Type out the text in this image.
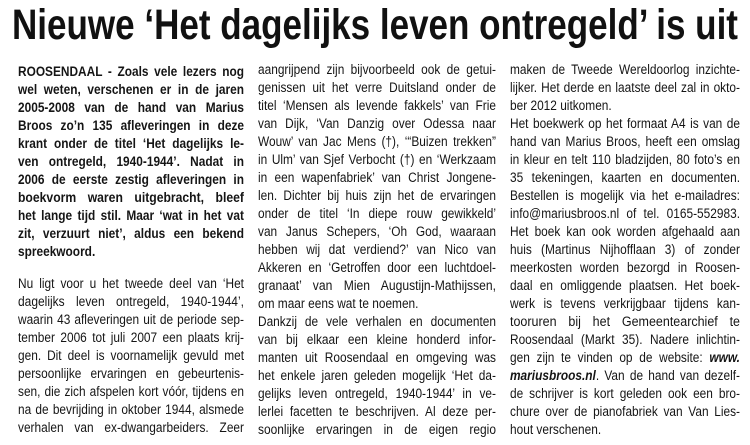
Nieuwe ‘Het dagelijks leven ontregeld’ is uit
ROOSENDAAL - Zoals vele lezers nog
wel weten, verschenen er in de jaren
2005-2008 van de hand van Marius
Broos zo’n 135 afleveringen in deze
krant onder de titel ‘Het dagelijks le-
ven ontregeld, 1940-1944’. Nadat in
2006 de eerste zestig afleveringen in
boekvorm waren uitgebracht, bleef
het lange tijd stil. Maar ‘wat in het vat
zit, verzuurt niet’, aldus een bekend
spreekwoord.
Nu ligt voor u het tweede deel van ‘Het
dagelijks leven ontregeld, 1940-1944’,
waarin 43 afleveringen uit de periode sep-
tember 2006 tot juli 2007 een plaats krij-
gen. Dit deel is voornamelijk gevuld met
persoonlijke ervaringen en gebeurtenis-
sen, die zich afspelen kort vóór, tijdens en
na de bevrijding in oktober 1944, alsmede
verhalen van ex-dwangarbeiders. Zeer
aangrijpend zijn bijvoorbeeld ook de getui-
genissen uit het verre Duitsland onder de
titel ‘Mensen als levende fakkels’ van Frie
van Dijk, ‘Van Danzig over Odessa naar
Wouw’ van Jac Mens (†), ‘“Buizen trekken”
in Ulm’ van Sjef Verbocht (†) en ‘Werkzaam
in een wapenfabriek’ van Christ Jongene-
len. Dichter bij huis zijn het de ervaringen
onder de titel ‘In diepe rouw gewikkeld’
van Janus Schepers, ‘Oh God, waaraan
hebben wij dat verdiend?’ van Nico van
Akkeren en ‘Getroffen door een luchtdoel-
granaat’ van Mien Augustijn-Mathijssen,
om maar eens wat te noemen.
Dankzij de vele verhalen en documenten
van bij elkaar een kleine honderd infor-
manten uit Roosendaal en omgeving was
het enkele jaren geleden mogelijk ‘Het da-
gelijks leven ontregeld, 1940-1944’ in ve-
lerlei facetten te beschrijven. Al deze per-
soonlijke ervaringen in de eigen regio
maken de Tweede Wereldoorlog inzichte-
lijker. Het derde en laatste deel zal in okto-
ber 2012 uitkomen.
Het boekwerk op het formaat A4 is van de
hand van Marius Broos, heeft een omslag
in kleur en telt 110 bladzijden, 80 foto’s en
35 tekeningen, kaarten en documenten.
Bestellen is mogelijk via het e-mailadres:
info@mariusbroos.nl of tel. 0165-552983.
Het boek kan ook worden afgehaald aan
huis (Martinus Nijhofflaan 3) of zonder
meerkosten worden bezorgd in Roosen-
daal en omliggende plaatsen. Het boek-
werk is tevens verkrijgbaar tijdens kan-
tooruren bij het Gemeentearchief te
Roosendaal (Markt 35). Nadere inlichtin-
gen zijn te vinden op de website: www.
mariusbroos.nl. Van de hand van dezelf-
de schrijver is kort geleden ook een bro-
chure over de pianofabriek van Van Lies-
hout verschenen.
